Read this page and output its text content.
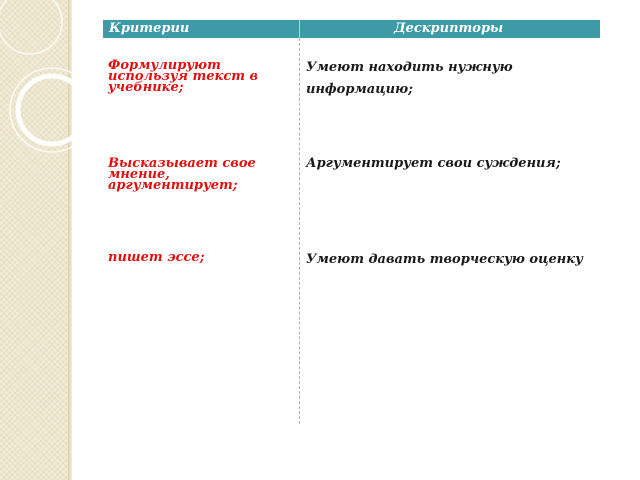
Критерии	Дескрипторы
Формулируют используя текст в учебнике;
Высказывает свое мнение, аргументирует;
пишет эссе;
Умеют находить нужную информацию;
Аргументирует свои суждения;
Умеют давать творческую оценку
